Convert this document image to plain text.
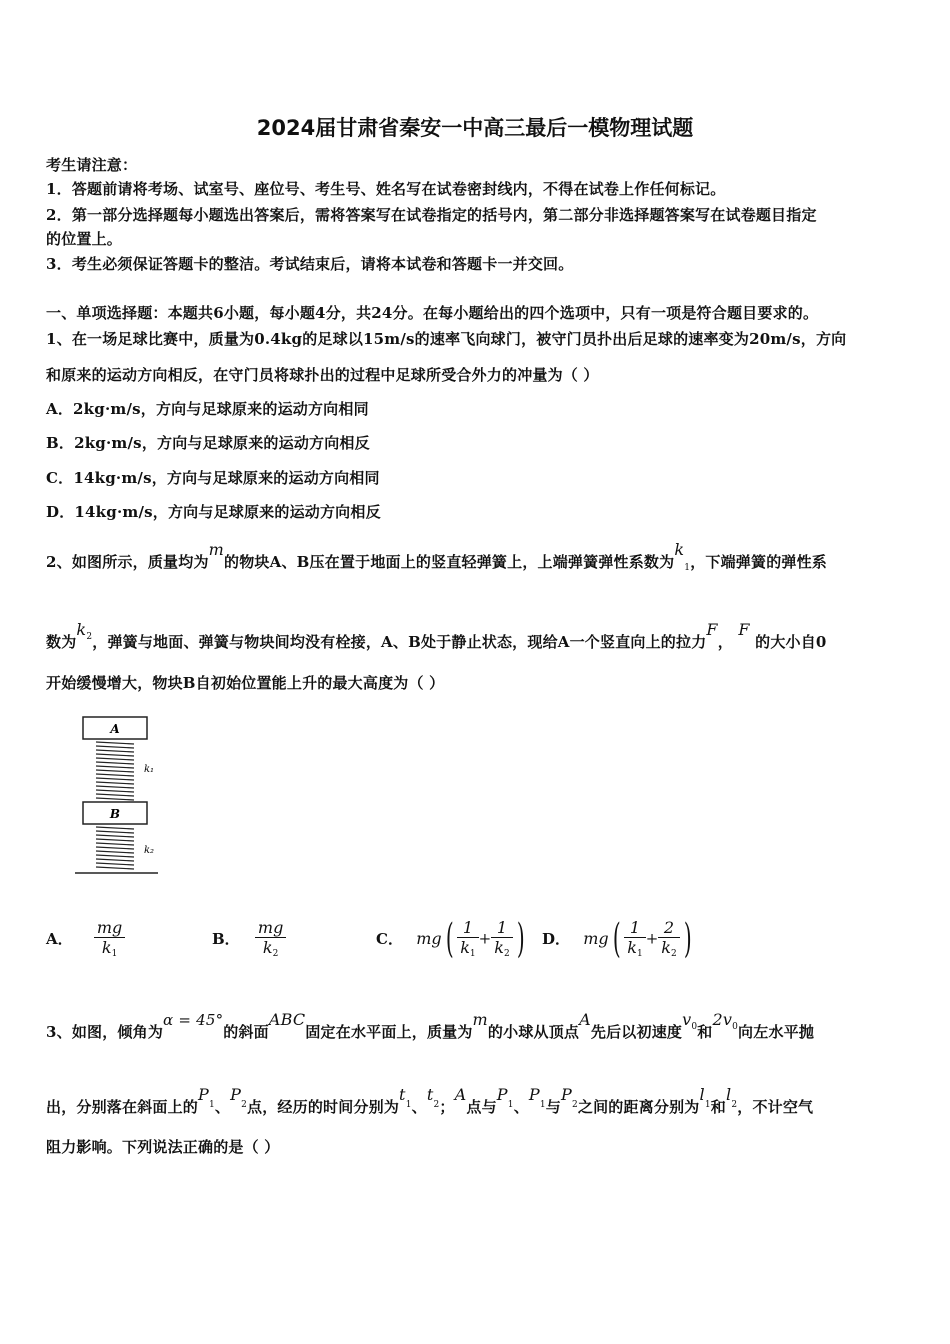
2024届甘肃省秦安一中高三最后一模物理试题
考生请注意：
1．答题前请将考场、试室号、座位号、考生号、姓名写在试卷密封线内，不得在试卷上作任何标记。
2．第一部分选择题每小题选出答案后，需将答案写在试卷指定的括号内，第二部分非选择题答案写在试卷题目指定
的位置上。
3．考生必须保证答题卡的整洁。考试结束后，请将本试卷和答题卡一并交回。
一、单项选择题：本题共6小题，每小题4分，共24分。在每小题给出的四个选项中，只有一项是符合题目要求的。
1、在一场足球比赛中，质量为0.4kg的足球以15m/s的速率飞向球门，被守门员扑出后足球的速率变为20m/s，方向
和原来的运动方向相反，在守门员将球扑出的过程中足球所受合外力的冲量为（ ）
A．2kg·m/s，方向与足球原来的运动方向相同
B．2kg·m/s，方向与足球原来的运动方向相反
C．14kg·m/s，方向与足球原来的运动方向相同
D．14kg·m/s，方向与足球原来的运动方向相反
2、如图所示，质量均为m的物块A、B压在置于地面上的竖直轻弹簧上，上端弹簧弹性系数为$k_1$，下端弹簧的弹性系
数为$k^2$，弹簧与地面、弹簧与物块间均没有栓接，A、B处于静止状态，现给A一个竖直向上的拉力F， F 的大小自0
开始缓慢增大，物块B自初始位置能上升的最大高度为（ ）
A
k₁
B
k₂
A． $\frac{mg}{k_1}$	B． $\frac{mg}{k_2}$	C． $mg( \frac{1}{k_1} + \frac{1}{k_2}$ ) D． $mg( \frac{1}{k_1} + \frac{2}{k_2}$ )
3、如图，倾角为α = 45°的斜面ABC固定在水平面上，质量为m的小球从顶点A先后以初速度$v^0$和$2v^0$向左水平抛
出，分别落在斜面上的$P^1$、$P^2$点，经历的时间分别为$t^1$、$t^2$；A点与$P^1$、$P^1$与$P^2$之间的距离分别为$l^1$和$l^2$，不计空气
阻力影响。下列说法正确的是（ ）
